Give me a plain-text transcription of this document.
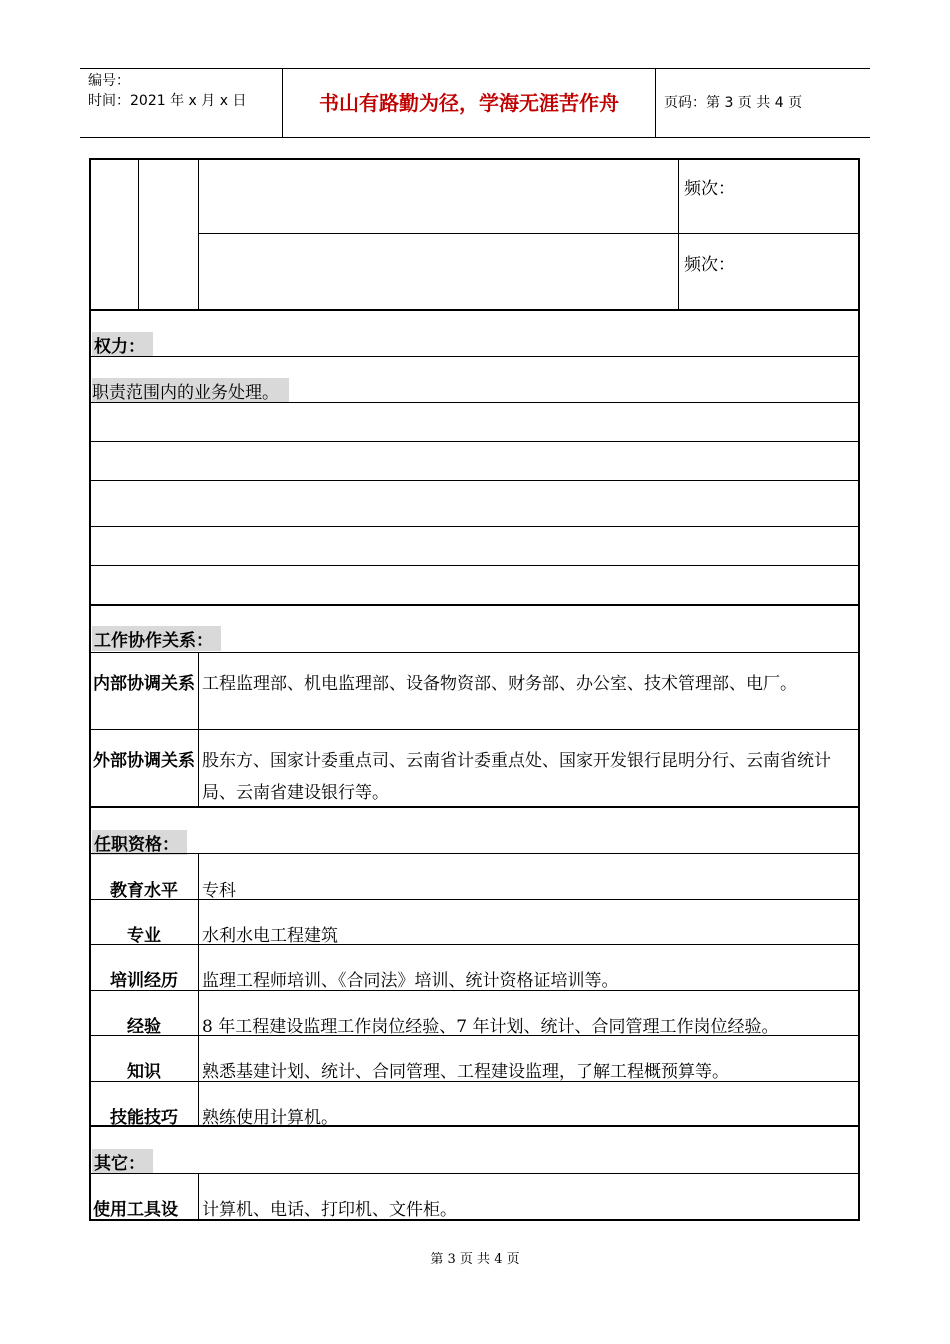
编号：
时间：2021 年 x 月 x 日	书山有路勤为径，学海无涯苦作舟	页码：第 3 页 共 4 页
频次：
频次：
权力：
职责范围内的业务处理。
工作协作关系：
内部协调关系 工程监理部、机电监理部、设备物资部、财务部、办公室、技术管理部、电厂。
外部协调关系 股东方、国家计委重点司、云南省计委重点处、国家开发银行昆明分行、云南省统计局、云南省建设银行等。
任职资格：
教育水平	专科
专业	水利水电工程建筑
培训经历	监理工程师培训、《合同法》培训、统计资格证培训等。
经验	8 年工程建设监理工作岗位经验、7 年计划、统计、合同管理工作岗位经验。
知识	熟悉基建计划、统计、合同管理、工程建设监理，了解工程概预算等。
技能技巧	熟练使用计算机。
其它：
使用工具设	计算机、电话、打印机、文件柜。
第 3 页 共 4 页
